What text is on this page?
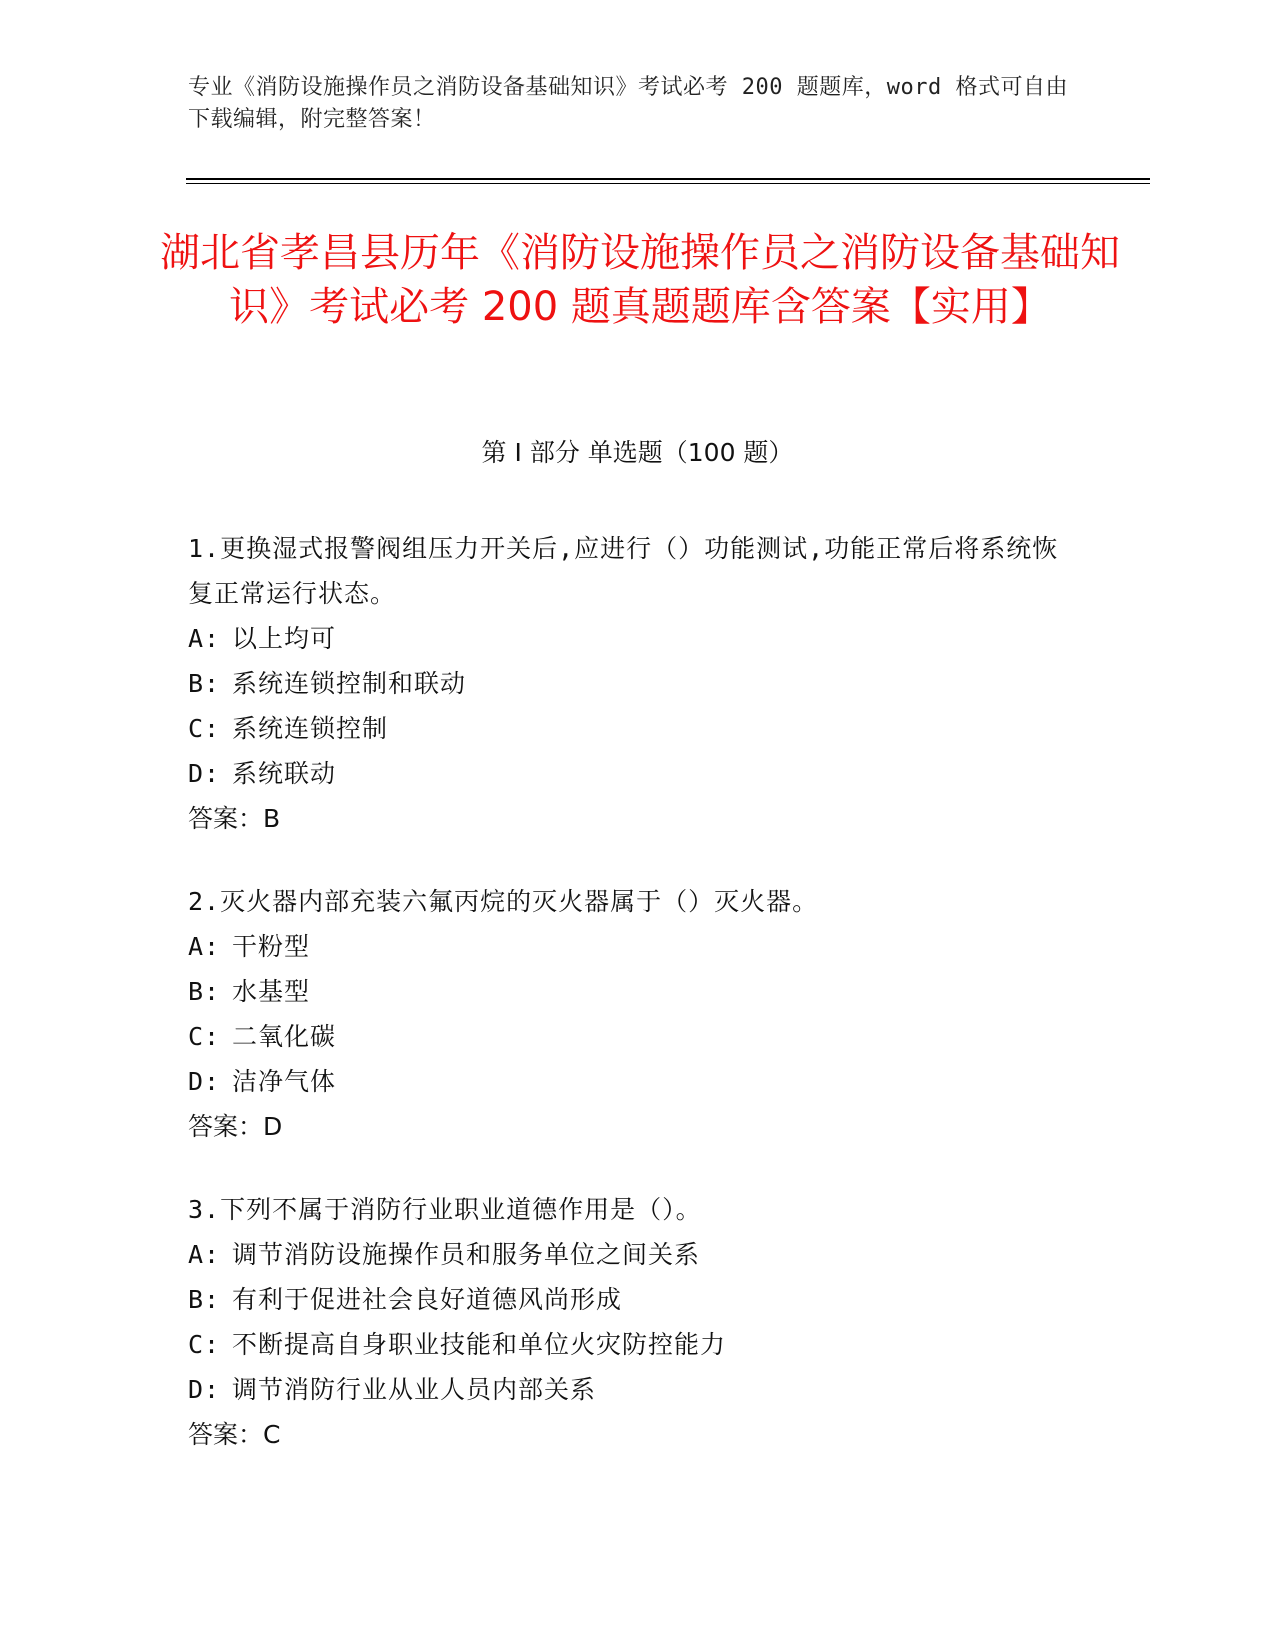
专业《消防设施操作员之消防设备基础知识》考试必考 200 题题库，word 格式可自由下载编辑，附完整答案！
湖北省孝昌县历年《消防设施操作员之消防设备基础知识》考试必考 200 题真题题库含答案【实用】
第 I 部分 单选题（100 题）
1.更换湿式报警阀组压力开关后,应进行（）功能测试,功能正常后将系统恢复正常运行状态。
A: 以上均可
B: 系统连锁控制和联动
C: 系统连锁控制
D: 系统联动
答案：B
2.灭火器内部充装六氟丙烷的灭火器属于（）灭火器。
A: 干粉型
B: 水基型
C: 二氧化碳
D: 洁净气体
答案：D
3.下列不属于消防行业职业道德作用是（）。
A: 调节消防设施操作员和服务单位之间关系
B: 有利于促进社会良好道德风尚形成
C: 不断提高自身职业技能和单位火灾防控能力
D: 调节消防行业从业人员内部关系
答案：C
